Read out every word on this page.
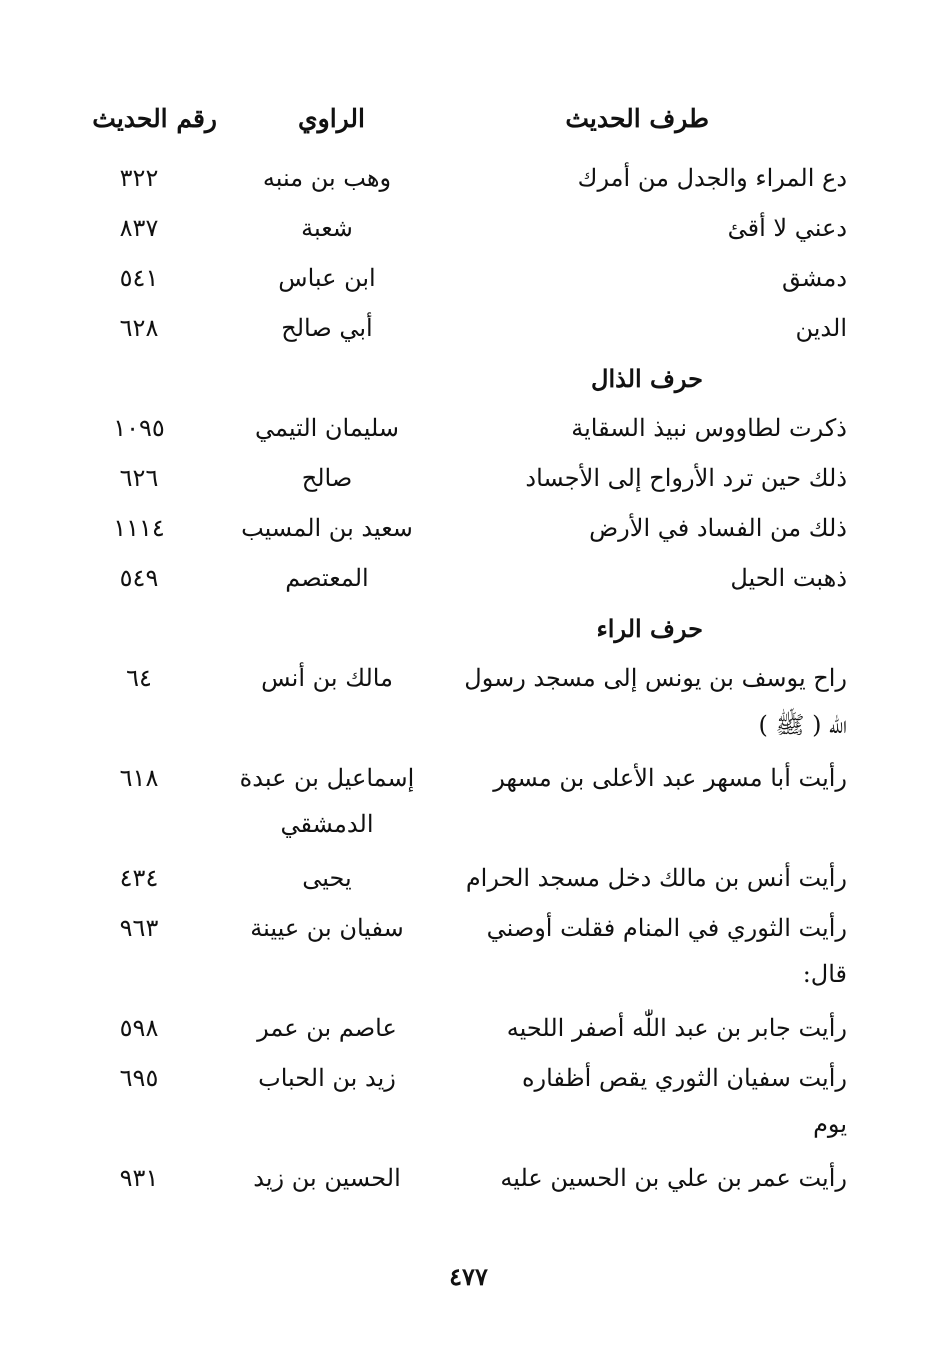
طرف الحديث
الراوي
رقم الحديث
دع المراء والجدل من أمرك
وهب بن منبه
٣٢٢
دعني لا أقئ
شعبة
٨٣٧
دمشق
ابن عباس
٥٤١
الدين
أبي صالح
٦٢٨
حرف الذال
ذكرت لطاووس نبيذ السقاية
سليمان التيمي
١٠٩٥
ذلك حين ترد الأرواح إلى الأجساد
صالح
٦٢٦
ذلك من الفساد في الأرض
سعيد بن المسيب
١١١٤
ذهبت الحيل
المعتصم
٥٤٩
حرف الراء
راح يوسف بن يونس إلى مسجد رسول
مالك بن أنس
٦٤
اللّٰه ( ﷺ )
رأيت أبا مسهر عبد الأعلى بن مسهر
إسماعيل بن عبدة
٦١٨
الدمشقي
رأيت أنس بن مالك دخل مسجد الحرام
يحيى
٤٣٤
رأيت الثوري في المنام فقلت أوصني
سفيان بن عيينة
٩٦٣
قال:
رأيت جابر بن عبد اللّٰه أصفر اللحيه
عاصم بن عمر
٥٩٨
رأيت سفيان الثوري يقص أظفاره
زيد بن الحباب
٦٩٥
يوم
رأيت عمر بن علي بن الحسين عليه
الحسين بن زيد
٩٣١
٤٧٧
